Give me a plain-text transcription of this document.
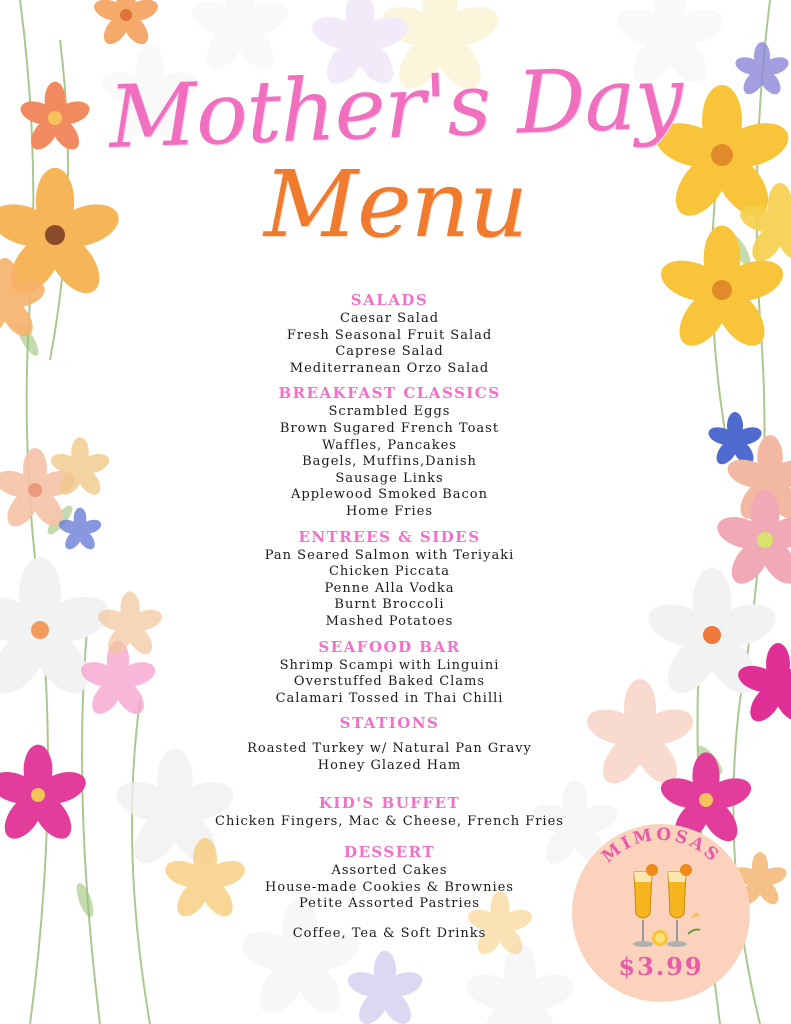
Mother's Day
Menu
SALADS
Caesar Salad
Fresh Seasonal Fruit Salad
Caprese Salad
Mediterranean Orzo Salad
BREAKFAST CLASSICS
Scrambled Eggs
Brown Sugared French Toast
Waffles, Pancakes
Bagels, Muffins,Danish
Sausage Links
Applewood Smoked Bacon
Home Fries
ENTREES & SIDES
Pan Seared Salmon with Teriyaki
Chicken Piccata
Penne Alla Vodka
Burnt Broccoli
Mashed Potatoes
SEAFOOD BAR
Shrimp Scampi with Linguini
Overstuffed Baked Clams
Calamari Tossed in Thai Chilli
STATIONS
Roasted Turkey w/ Natural Pan Gravy
Honey Glazed Ham
KID'S BUFFET
Chicken Fingers, Mac & Cheese, French Fries
DESSERT
Assorted Cakes
House-made Cookies & Brownies
Petite Assorted Pastries
Coffee, Tea & Soft Drinks
MIMOSAS
$3.99
